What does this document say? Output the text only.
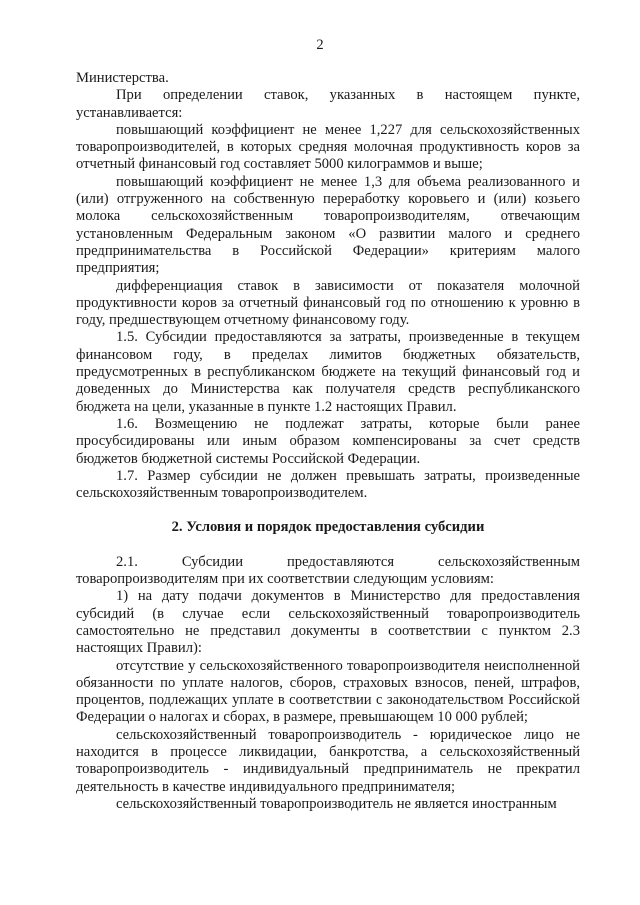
2

Министерства.

При определении ставок, указанных в настоящем пункте, устанавливается:

повышающий коэффициент не менее 1,227 для сельскохозяйственных товаропроизводителей, в которых средняя молочная продуктивность коров за отчетный финансовый год составляет 5000 килограммов и выше;

повышающий коэффициент не менее 1,3 для объема реализованного и (или) отгруженного на собственную переработку коровьего и (или) козьего молока сельскохозяйственным товаропроизводителям, отвечающим установленным Федеральным законом «О развитии малого и среднего предпринимательства в Российской Федерации» критериям малого предприятия;

дифференциация ставок в зависимости от показателя молочной продуктивности коров за отчетный финансовый год по отношению к уровню в году, предшествующем отчетному финансовому году.

1.5. Субсидии предоставляются за затраты, произведенные в текущем финансовом году, в пределах лимитов бюджетных обязательств, предусмотренных в республиканском бюджете на текущий финансовый год и доведенных до Министерства как получателя средств республиканского бюджета на цели, указанные в пункте 1.2 настоящих Правил.

1.6. Возмещению не подлежат затраты, которые были ранее просубсидированы или иным образом компенсированы за счет средств бюджетов бюджетной системы Российской Федерации.

1.7. Размер субсидии не должен превышать затраты, произведенные сельскохозяйственным товаропроизводителем.

2. Условия и порядок предоставления субсидии

2.1. Субсидии предоставляются сельскохозяйственным товаропроизводителям при их соответствии следующим условиям:

1) на дату подачи документов в Министерство для предоставления субсидий (в случае если сельскохозяйственный товаропроизводитель самостоятельно не представил документы в соответствии с пунктом 2.3 настоящих Правил):

отсутствие у сельскохозяйственного товаропроизводителя неисполненной обязанности по уплате налогов, сборов, страховых взносов, пеней, штрафов, процентов, подлежащих уплате в соответствии с законодательством Российской Федерации о налогах и сборах, в размере, превышающем 10 000 рублей;

сельскохозяйственный товаропроизводитель - юридическое лицо не находится в процессе ликвидации, банкротства, а сельскохозяйственный товаропроизводитель - индивидуальный предприниматель не прекратил деятельность в качестве индивидуального предпринимателя;

сельскохозяйственный товаропроизводитель не является иностранным
